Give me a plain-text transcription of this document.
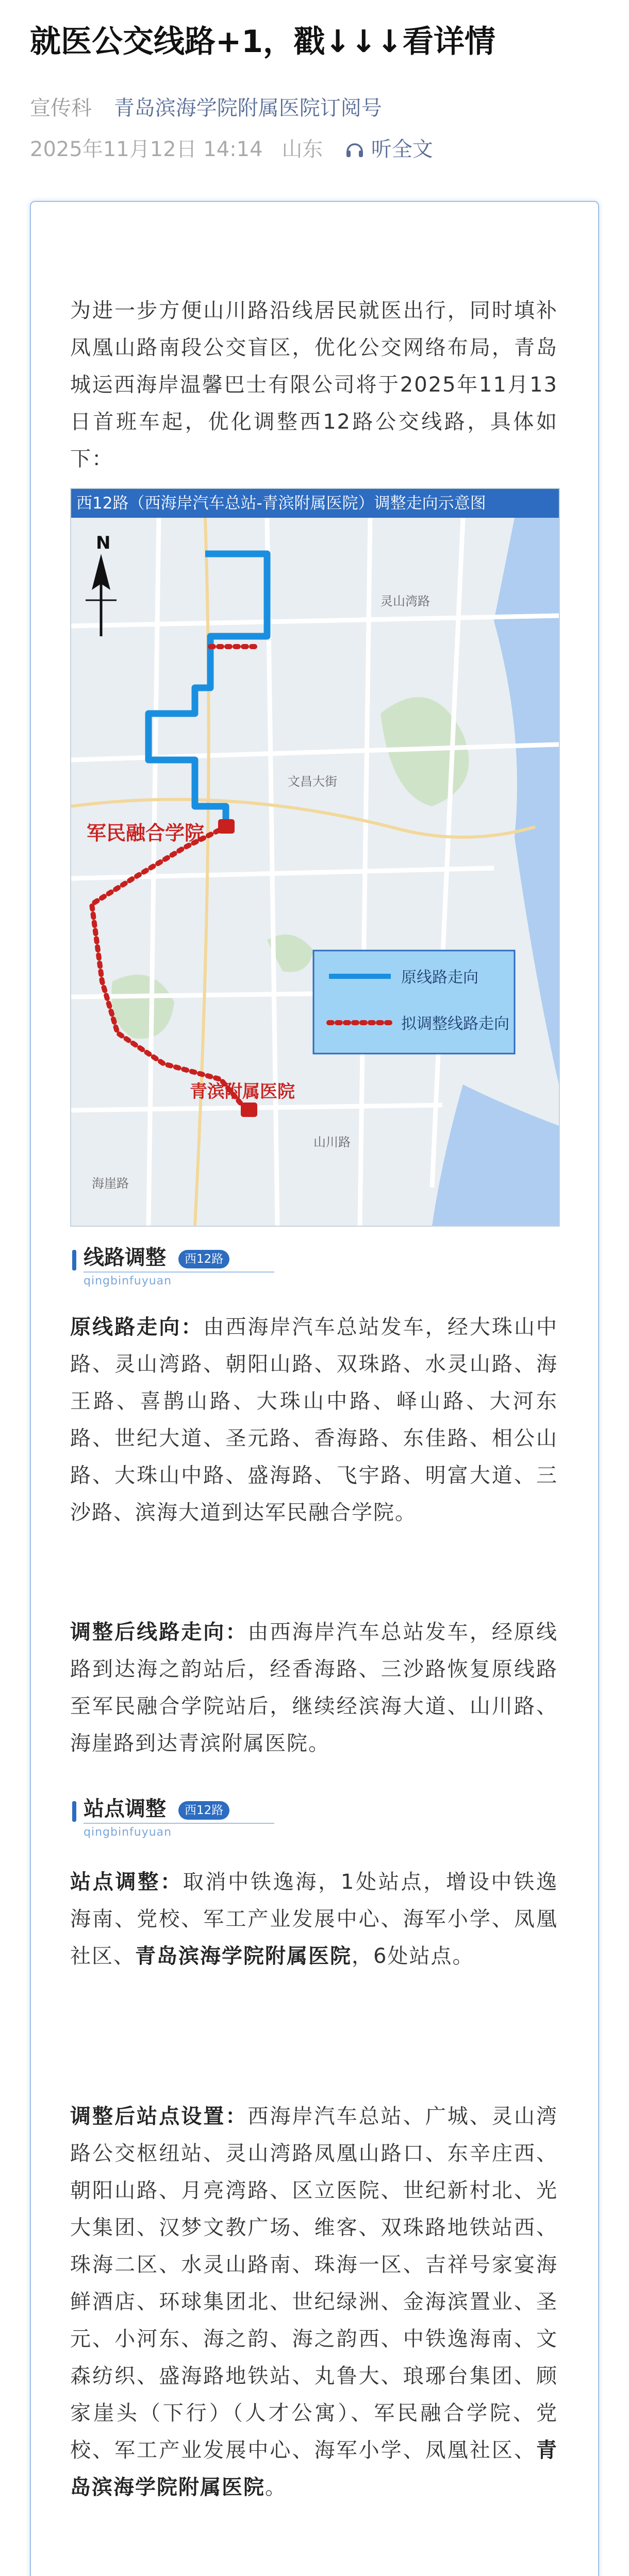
就医公交线路+1，戳↓↓↓看详情
宣传科 青岛滨海学院附属医院订阅号
2025年11月12日 14:14 山东 听全文
为进一步方便山川路沿线居民就医出行，同时填补凤凰山路南段公交盲区，优化公交网络布局，青岛城运西海岸温馨巴士有限公司将于2025年11月13日首班车起，优化调整西12路公交线路，具体如下：
西12路（西海岸汽车总站-青滨附属医院）调整走向示意图
N
军民融合学院
青滨附属医院
原线路走向
拟调整线路走向
文昌大街
灵山湾路
山川路
海崖路
线路调整	西12路
qingbinfuyuan
原线路走向：由西海岸汽车总站发车，经大珠山中路、灵山湾路、朝阳山路、双珠路、水灵山路、海王路、喜鹊山路、大珠山中路、峄山路、大河东路、世纪大道、圣元路、香海路、东佳路、相公山路、大珠山中路、盛海路、飞宇路、明富大道、三沙路、滨海大道到达军民融合学院。
调整后线路走向：由西海岸汽车总站发车，经原线路到达海之韵站后，经香海路、三沙路恢复原线路至军民融合学院站后，继续经滨海大道、山川路、海崖路到达青滨附属医院。
站点调整	西12路
qingbinfuyuan
站点调整：取消中铁逸海，1处站点，增设中铁逸海南、党校、军工产业发展中心、海军小学、凤凰社区、青岛滨海学院附属医院，6处站点。
调整后站点设置：西海岸汽车总站、广城、灵山湾路公交枢纽站、灵山湾路凤凰山路口、东辛庄西、朝阳山路、月亮湾路、区立医院、世纪新村北、光大集团、汉梦文教广场、维客、双珠路地铁站西、珠海二区、水灵山路南、珠海一区、吉祥号家宴海鲜酒店、环球集团北、世纪绿洲、金海滨置业、圣元、小河东、海之韵、海之韵西、中铁逸海南、文森纺织、盛海路地铁站、丸鲁大、琅琊台集团、顾家崖头（下行）（人才公寓）、军民融合学院、党校、军工产业发展中心、海军小学、凤凰社区、青岛滨海学院附属医院。
